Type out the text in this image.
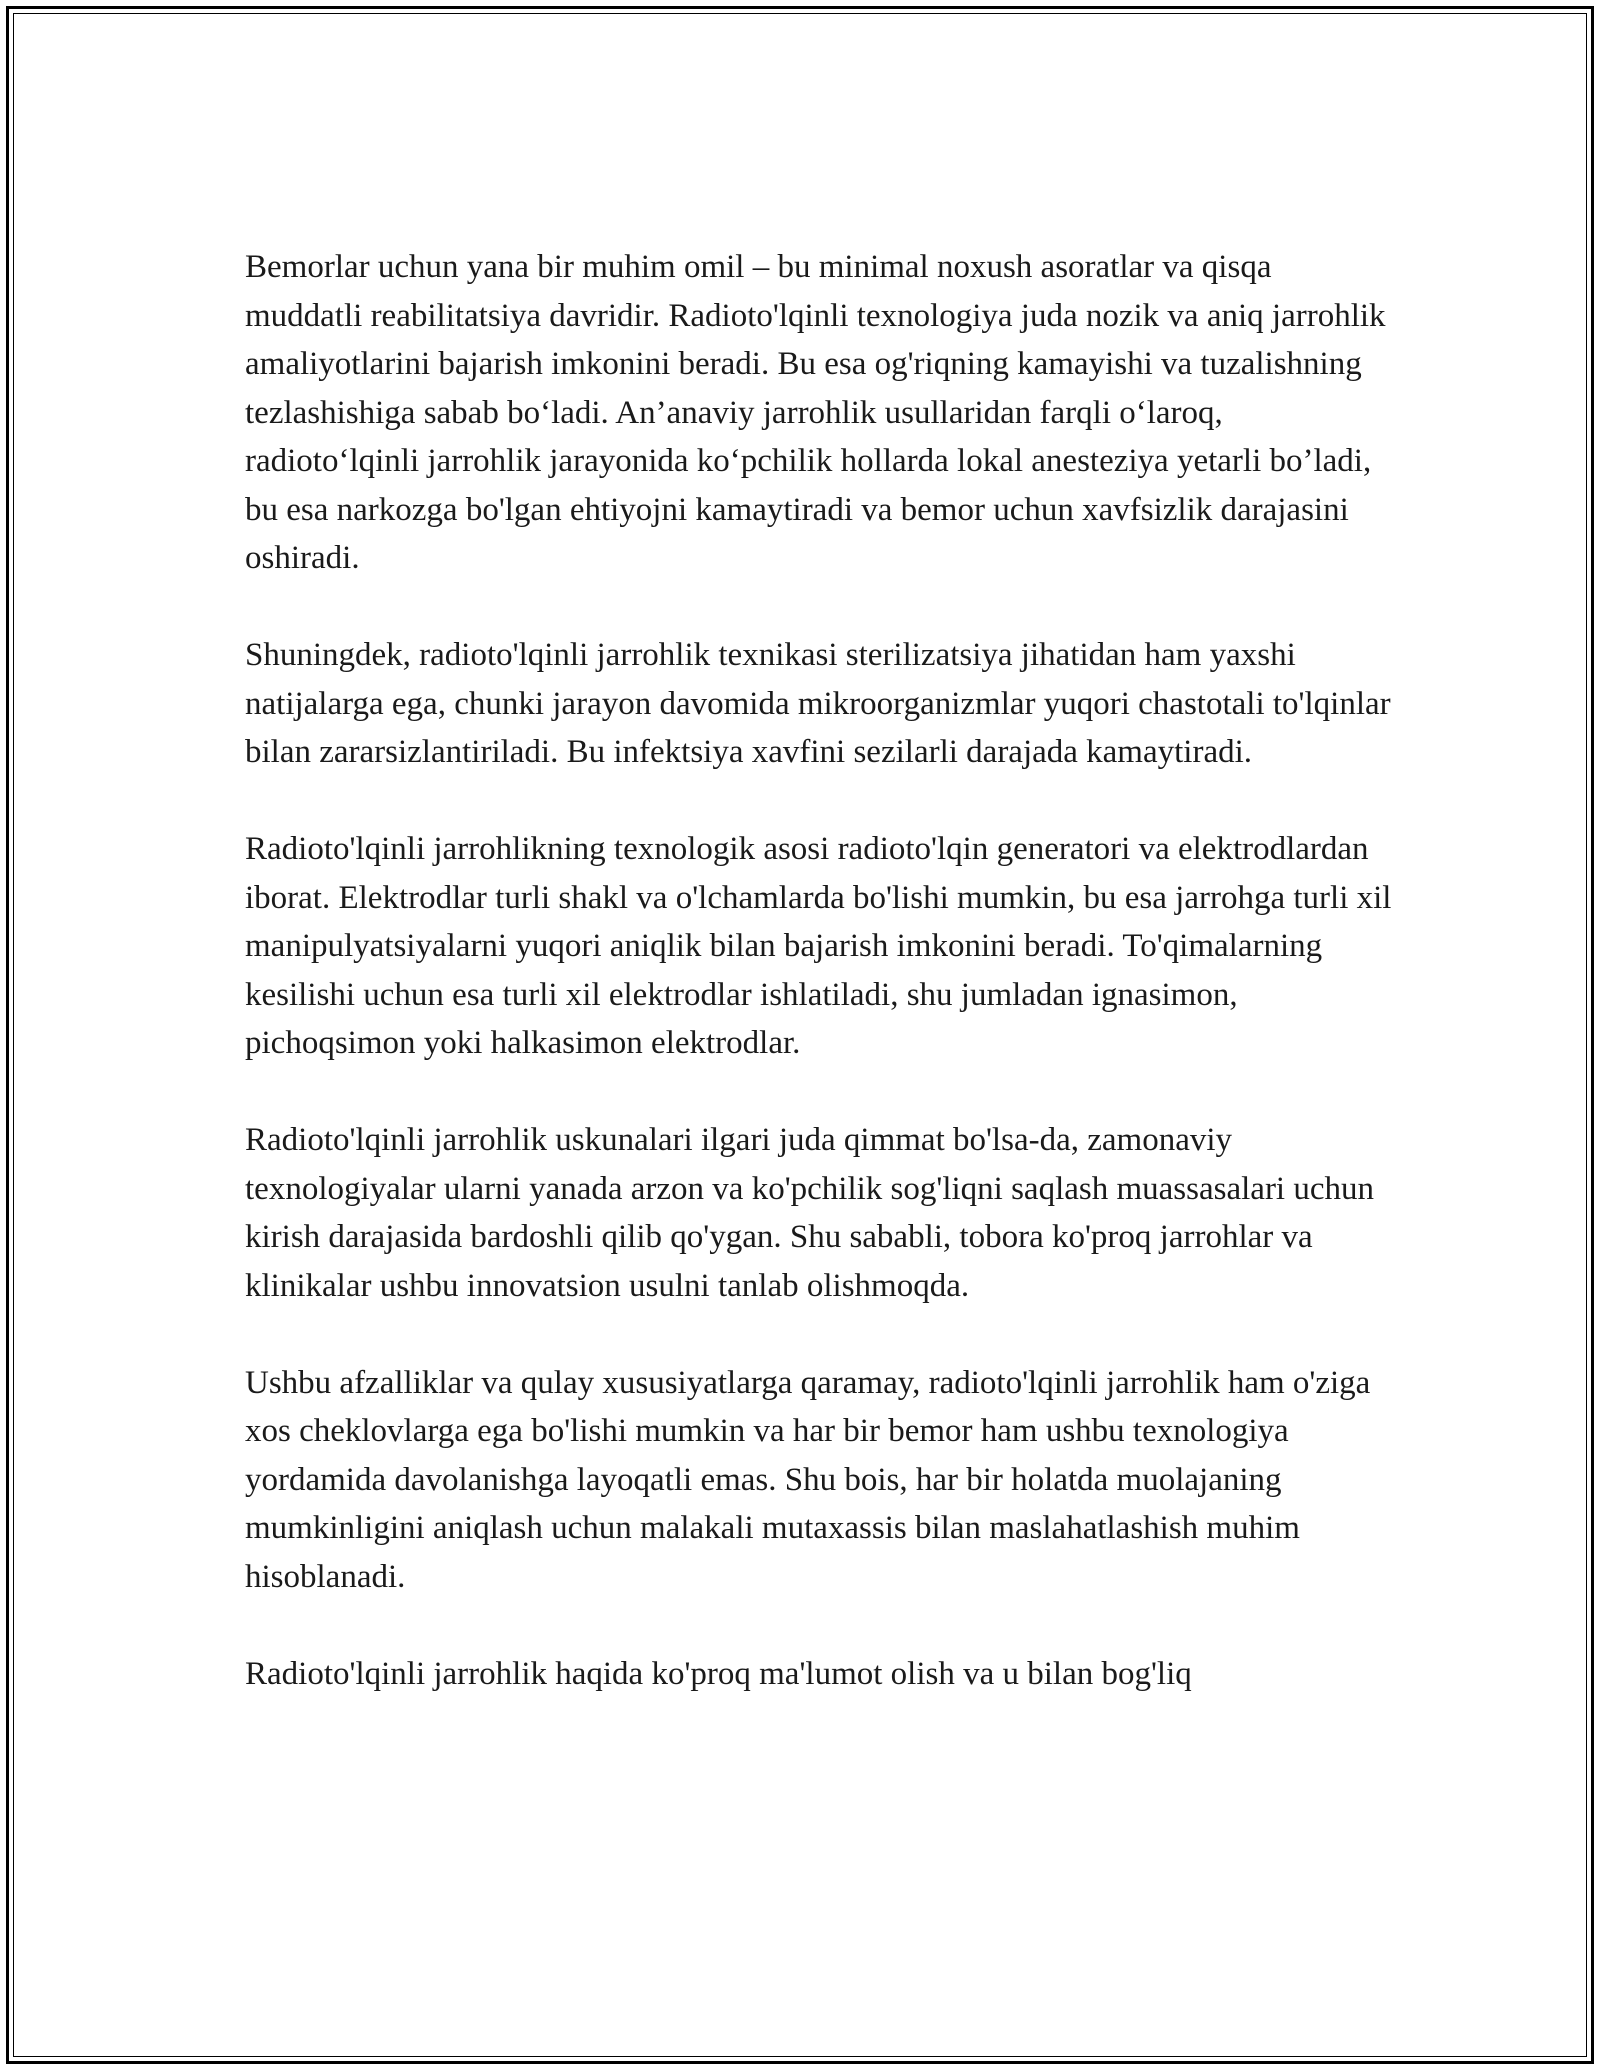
Bemorlar uchun yana bir muhim omil – bu minimal noxush asoratlar va qisqa muddatli reabilitatsiya davridir. Radioto'lqinli texnologiya juda nozik va aniq jarrohlik amaliyotlarini bajarish imkonini beradi. Bu esa og'riqning kamayishi va tuzalishning tezlashishiga sabab bo‘ladi. An’anaviy jarrohlik usullaridan farqli o‘laroq, radioto‘lqinli jarrohlik jarayonida ko‘pchilik hollarda lokal anesteziya yetarli bo’ladi, bu esa narkozga bo'lgan ehtiyojni kamaytiradi va bemor uchun xavfsizlik darajasini oshiradi.

Shuningdek, radioto'lqinli jarrohlik texnikasi sterilizatsiya jihatidan ham yaxshi natijalarga ega, chunki jarayon davomida mikroorganizmlar yuqori chastotali to'lqinlar bilan zararsizlantiriladi. Bu infektsiya xavfini sezilarli darajada kamaytiradi.

Radioto'lqinli jarrohlikning texnologik asosi radioto'lqin generatori va elektrodlardan iborat. Elektrodlar turli shakl va o'lchamlarda bo'lishi mumkin, bu esa jarrohga turli xil manipulyatsiyalarni yuqori aniqlik bilan bajarish imkonini beradi. To'qimalarning kesilishi uchun esa turli xil elektrodlar ishlatiladi, shu jumladan ignasimon, pichoqsimon yoki halkasimon elektrodlar.

Radioto'lqinli jarrohlik uskunalari ilgari juda qimmat bo'lsa-da, zamonaviy texnologiyalar ularni yanada arzon va ko'pchilik sog'liqni saqlash muassasalari uchun kirish darajasida bardoshli qilib qo'ygan. Shu sababli, tobora ko'proq jarrohlar va klinikalar ushbu innovatsion usulni tanlab olishmoqda.

Ushbu afzalliklar va qulay xususiyatlarga qaramay, radioto'lqinli jarrohlik ham o'ziga xos cheklovlarga ega bo'lishi mumkin va har bir bemor ham ushbu texnologiya yordamida davolanishga layoqatli emas. Shu bois, har bir holatda muolajaning mumkinligini aniqlash uchun malakali mutaxassis bilan maslahatlashish muhim hisoblanadi.

Radioto'lqinli jarrohlik haqida ko'proq ma'lumot olish va u bilan bog'liq
